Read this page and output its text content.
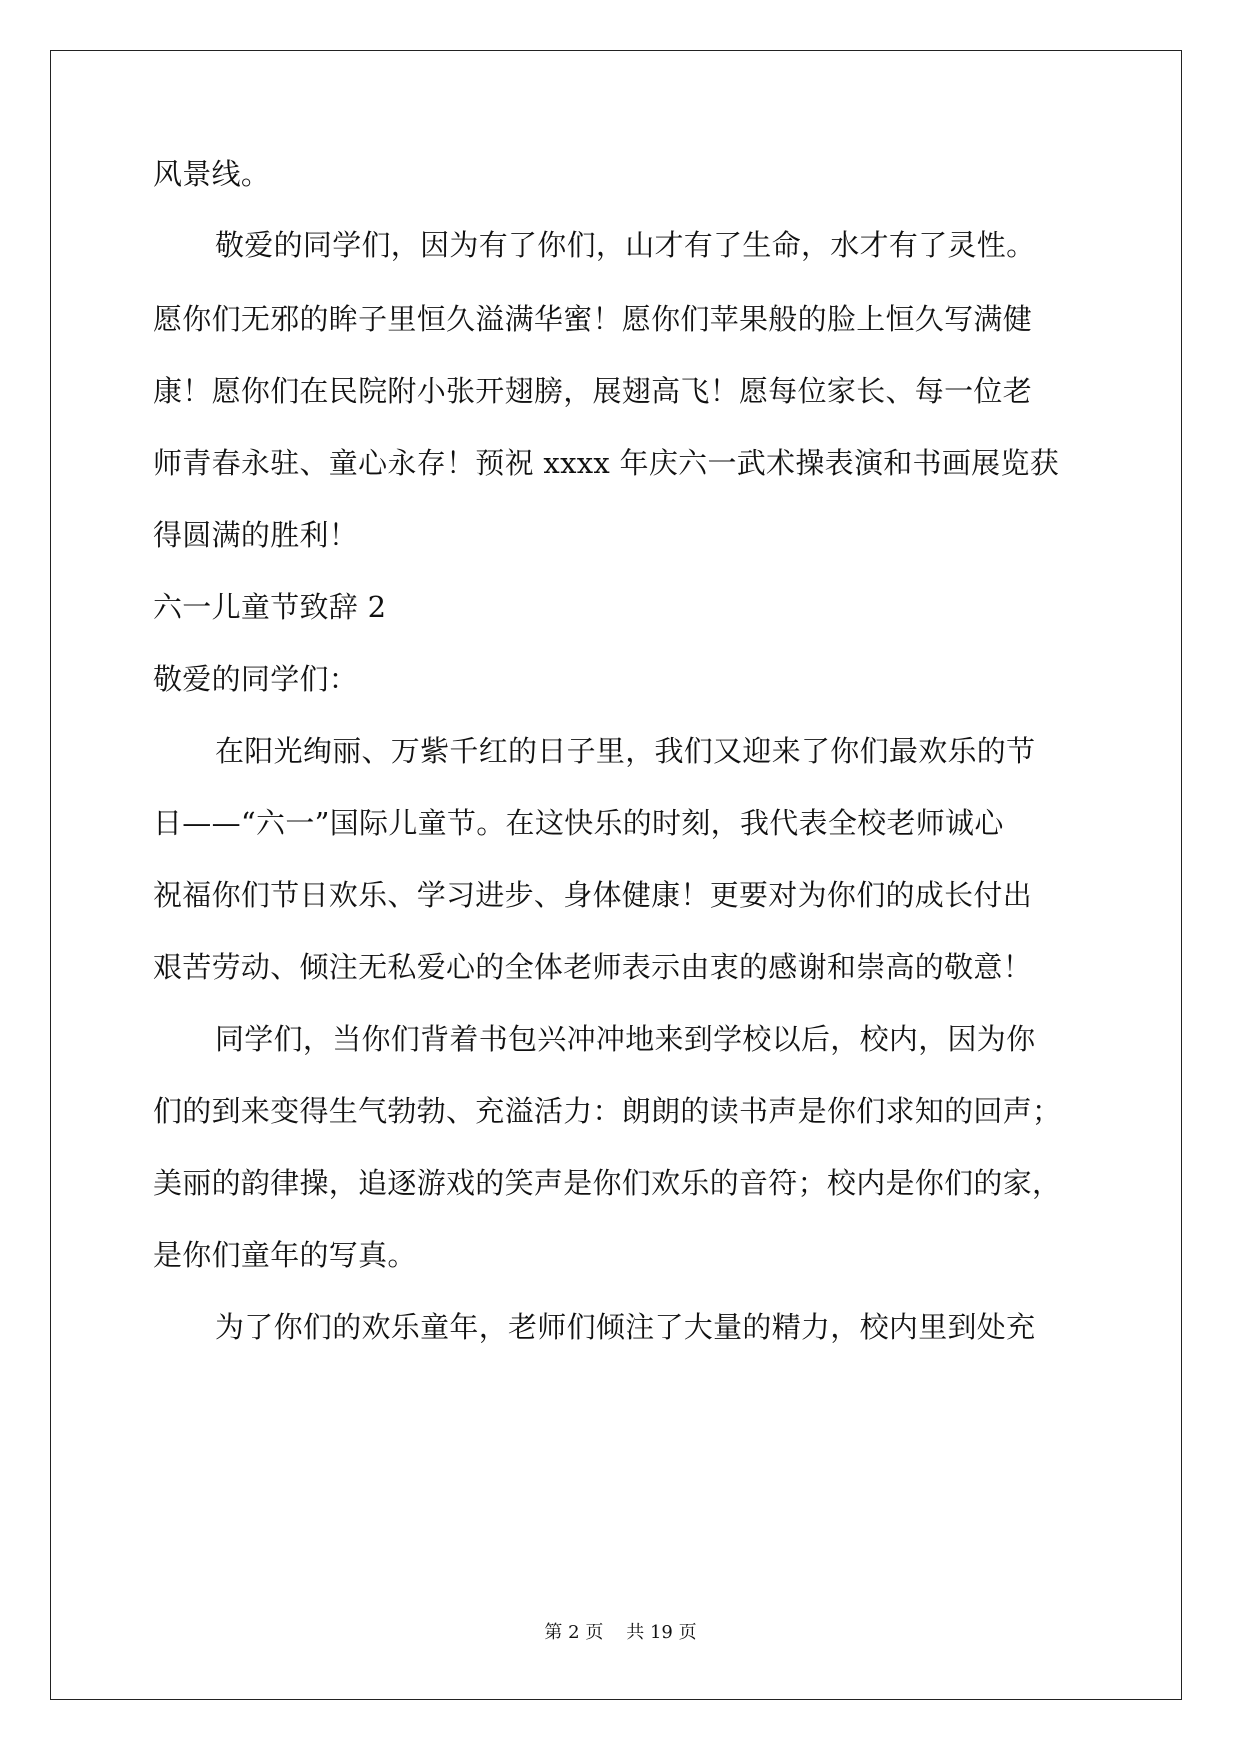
风景线。
敬爱的同学们，因为有了你们，山才有了生命，水才有了灵性。
愿你们无邪的眸子里恒久溢满华蜜！愿你们苹果般的脸上恒久写满健
康！愿你们在民院附小张开翅膀，展翅高飞！愿每位家长、每一位老
师青春永驻、童心永存！预祝 xxxx 年庆六一武术操表演和书画展览获
得圆满的胜利！
六一儿童节致辞 2
敬爱的同学们：
在阳光绚丽、万紫千红的日子里，我们又迎来了你们最欢乐的节
日——“六一”国际儿童节。在这快乐的时刻，我代表全校老师诚心
祝福你们节日欢乐、学习进步、身体健康！更要对为你们的成长付出
艰苦劳动、倾注无私爱心的全体老师表示由衷的感谢和崇高的敬意！
同学们，当你们背着书包兴冲冲地来到学校以后，校内，因为你
们的到来变得生气勃勃、充溢活力：朗朗的读书声是你们求知的回声；
美丽的韵律操，追逐游戏的笑声是你们欢乐的音符；校内是你们的家，
是你们童年的写真。
为了你们的欢乐童年，老师们倾注了大量的精力，校内里到处充
第 2 页 共 19 页
